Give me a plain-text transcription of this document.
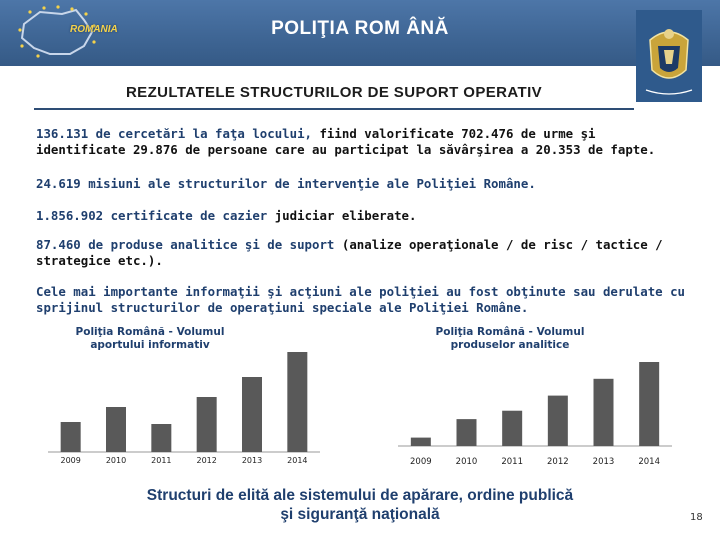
ROMANIA	POLIŢIA ROM ÂNĂ
REZULTATELE STRUCTURILOR DE SUPORT OPERATIV
136.131 de cercetări la faţa locului, fiind valorificate 702.476 de urme şi identificate 29.876 de persoane care au participat la săvârşirea a 20.353 de fapte.
24.619 misiuni ale structurilor de intervenţie ale Poliţiei Române.
1.856.902 certificate de cazier judiciar eliberate.
87.460 de produse analitice şi de suport (analize operaţionale / de risc / tactice / strategice etc.).
Cele mai importante informaţii şi acţiuni ale poliţiei au fost obţinute sau derulate cu sprijinul structurilor de operaţiuni speciale ale Poliţiei Române.
Poliţia Română - Volumul aportului informativ
2009	2010	2011	2012	2013	2014
Poliţia Română - Volumul produselor analitice
2009	2010	2011	2012	2013	2014
Structuri de elită ale sistemului de apărare, ordine publică
şi siguranţă naţională	18
